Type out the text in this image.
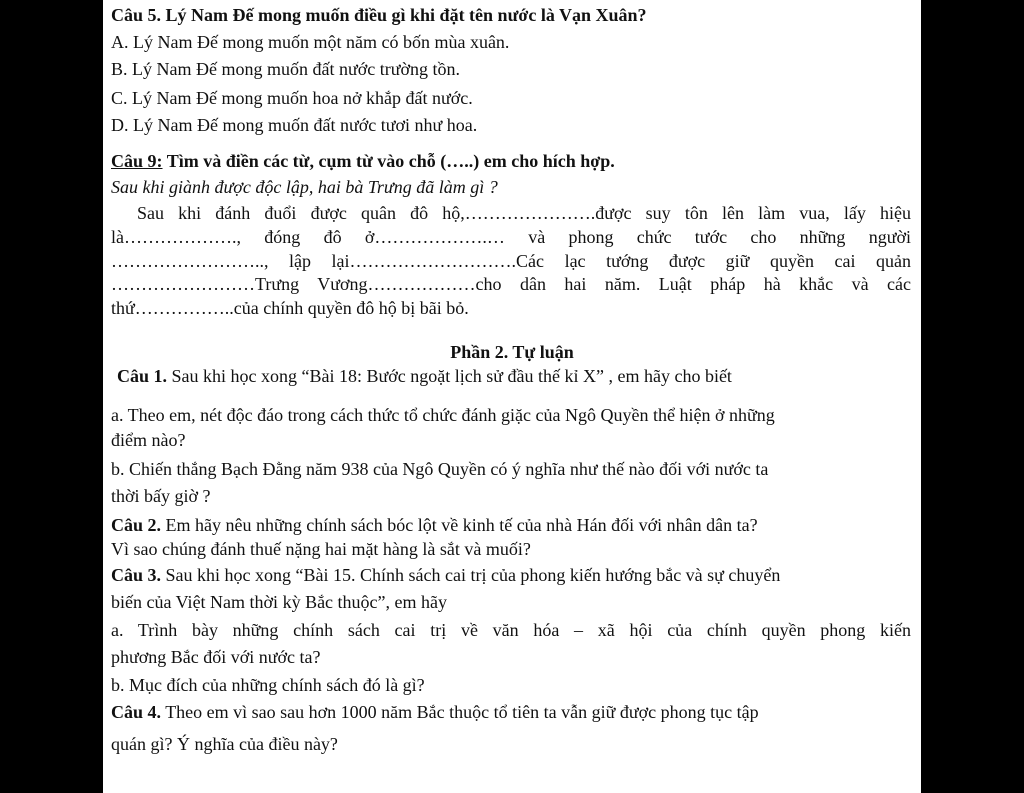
Câu 5. Lý Nam Đế mong muốn điều gì khi đặt tên nước là Vạn Xuân?
A. Lý Nam Đế mong muốn một năm có bốn mùa xuân.
B. Lý Nam Đế mong muốn đất nước trường tồn.
C. Lý Nam Đế mong muốn hoa nở khắp đất nước.
D. Lý Nam Đế mong muốn đất nước tươi như hoa.
Câu 9: Tìm và điền các từ, cụm từ vào chỗ (…..) em cho hích hợp.
Sau khi giành được độc lập, hai bà Trưng đã làm gì ?
Sau khi đánh đuổi được quân đô hộ,………………….được suy tôn lên làm vua, lấy hiệu
là………………., đóng đô ở……………….… và phong chức tước cho những người
…………………….., lập lại……………………….Các lạc tướng được giữ quyền cai quản
……………………Trưng Vương………………cho dân hai năm. Luật pháp hà khắc và các
thứ……………..của chính quyền đô hộ bị bãi bỏ.
Phần 2. Tự luận
Câu 1. Sau khi học xong “Bài 18: Bước ngoặt lịch sử đầu thế kỉ X” , em hãy cho biết
a. Theo em, nét độc đáo trong cách thức tổ chức đánh giặc của Ngô Quyền thể hiện ở những
điểm nào?
b. Chiến thắng Bạch Đằng năm 938 của Ngô Quyền có ý nghĩa như thế nào đối với nước ta
thời bấy giờ ?
Câu 2. Em hãy nêu những chính sách bóc lột về kinh tế của nhà Hán đối với nhân dân ta?
Vì sao chúng đánh thuế nặng hai mặt hàng là sắt và muối?
Câu 3. Sau khi học xong “Bài 15. Chính sách cai trị của phong kiến hướng bắc và sự chuyển
biến của Việt Nam thời kỳ Bắc thuộc”, em hãy
a. Trình bày những chính sách cai trị về văn hóa – xã hội của chính quyền phong kiến
phương Bắc đối với nước ta?
b. Mục đích của những chính sách đó là gì?
Câu 4. Theo em vì sao sau hơn 1000 năm Bắc thuộc tổ tiên ta vẫn giữ được phong tục tập
quán gì? Ý nghĩa của điều này?
